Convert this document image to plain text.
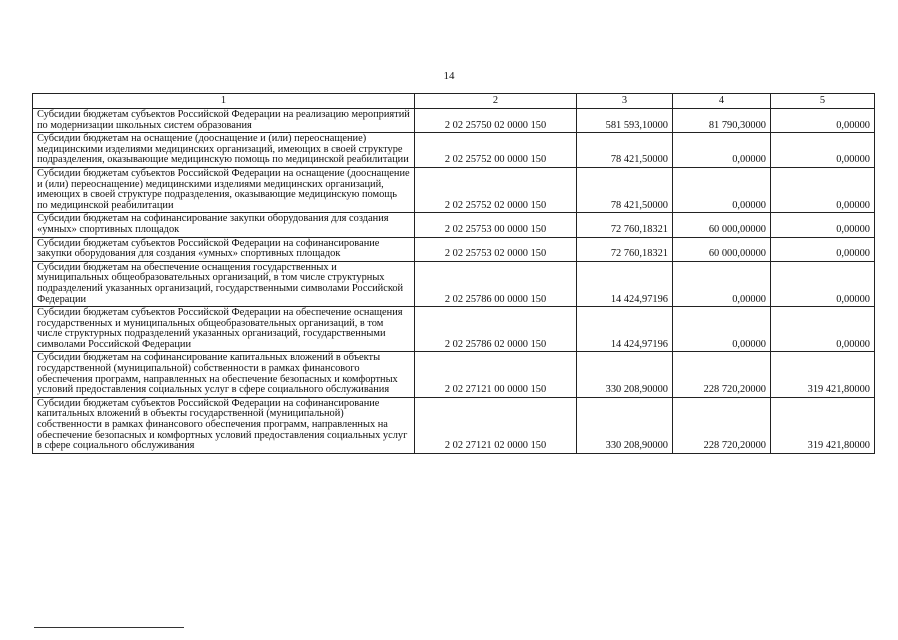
14
1	2	3	4	5
Субсидии бюджетам субъектов Российской Федерации на реализацию мероприятий по модернизации школьных систем образования	2 02 25750 02 0000 150	581 593,10000	81 790,30000	0,00000
Субсидии бюджетам на оснащение (дооснащение и (или) переоснащение) медицинскими изделиями медицинских организаций, имеющих в своей структуре подразделения, оказывающие медицинскую помощь по медицинской реабилитации	2 02 25752 00 0000 150	78 421,50000	0,00000	0,00000
Субсидии бюджетам субъектов Российской Федерации на оснащение (дооснащение и (или) переоснащение) медицинскими изделиями медицинских организаций, имеющих в своей структуре подразделения, оказывающие медицинскую помощь по медицинской реабилитации	2 02 25752 02 0000 150	78 421,50000	0,00000	0,00000
Субсидии бюджетам на софинансирование закупки оборудования для создания «умных» спортивных площадок	2 02 25753 00 0000 150	72 760,18321	60 000,00000	0,00000
Субсидии бюджетам субъектов Российской Федерации на софинансирование закупки оборудования для создания «умных» спортивных площадок	2 02 25753 02 0000 150	72 760,18321	60 000,00000	0,00000
Субсидии бюджетам на обеспечение оснащения государственных и муниципальных общеобразовательных организаций, в том числе структурных подразделений указанных организаций, государственными символами Российской Федерации	2 02 25786 00 0000 150	14 424,97196	0,00000	0,00000
Субсидии бюджетам субъектов Российской Федерации на обеспечение оснащения государственных и муниципальных общеобразовательных организаций, в том числе структурных подразделений указанных организаций, государственными символами Российской Федерации	2 02 25786 02 0000 150	14 424,97196	0,00000	0,00000
Субсидии бюджетам на софинансирование капитальных вложений в объекты государственной (муниципальной) собственности в рамках финансового обеспечения программ, направленных на обеспечение безопасных и комфортных условий предоставления социальных услуг в сфере социального обслуживания	2 02 27121 00 0000 150	330 208,90000	228 720,20000	319 421,80000
Субсидии бюджетам субъектов Российской Федерации на софинансирование капитальных вложений в объекты государственной (муниципальной) собственности в рамках финансового обеспечения программ, направленных на обеспечение безопасных и комфортных условий предоставления социальных услуг в сфере социального обслуживания	2 02 27121 02 0000 150	330 208,90000	228 720,20000	319 421,80000
